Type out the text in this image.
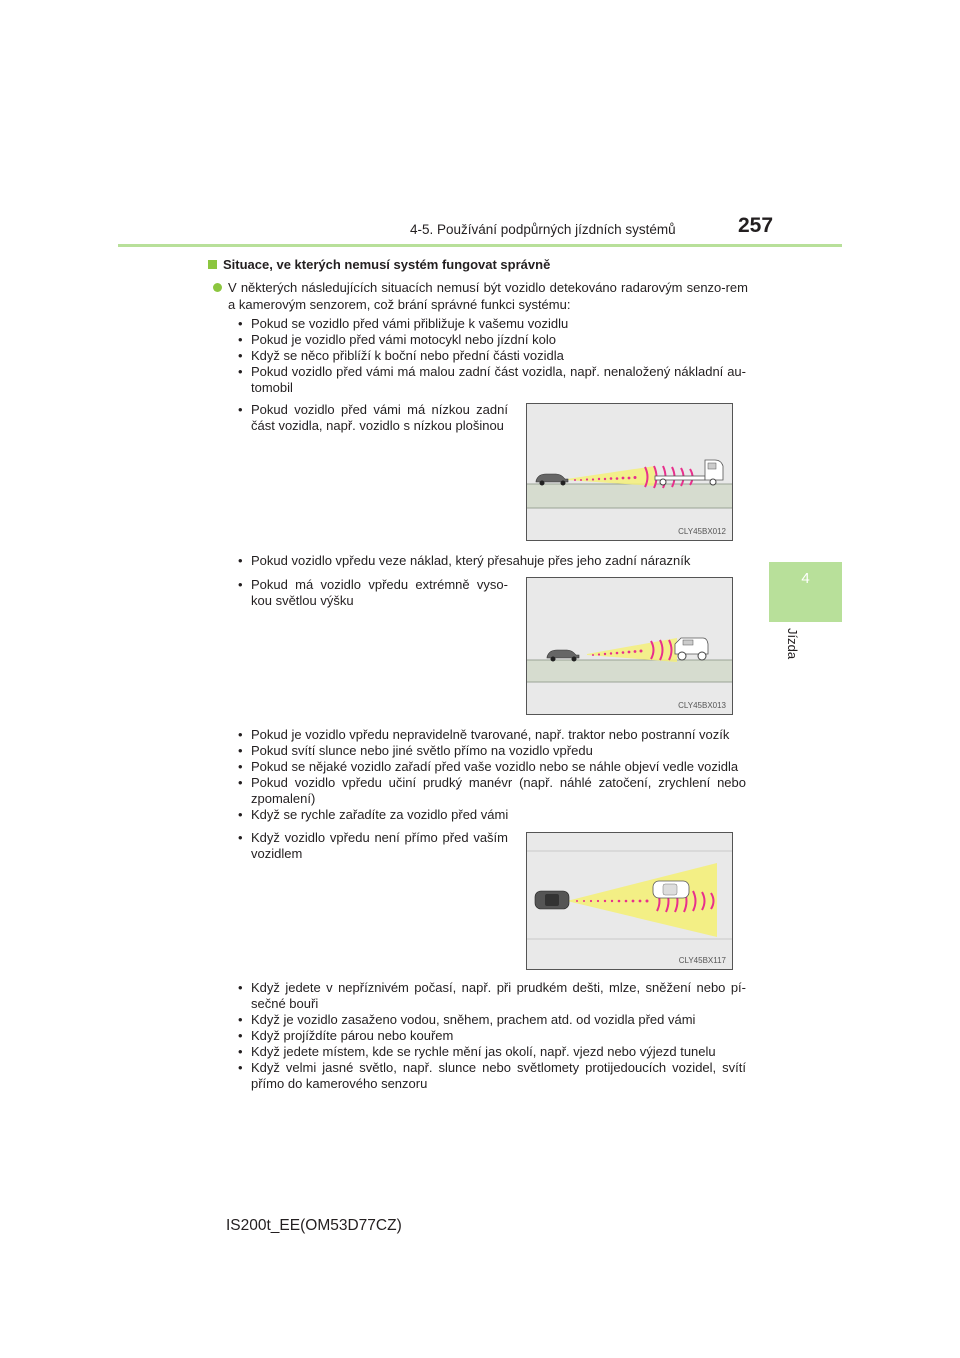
4-5. Používání podpůrných jízdních systémů	257
4
Jízda
Situace, ve kterých nemusí systém fungovat správně
V některých následujících situacích nemusí být vozidlo detekováno radarovým senzo-rem a kamerovým senzorem, což brání správné funkci systému:
• Pokud se vozidlo před vámi přibližuje k vašemu vozidlu
• Pokud je vozidlo před vámi motocykl nebo jízdní kolo
• Když se něco přiblíží k boční nebo přední části vozidla
• Pokud vozidlo před vámi má malou zadní část vozidla, např. nenaložený nákladní au-tomobil
• Pokud vozidlo před vámi má nízkou zadní část vozidla, např. vozidlo s nízkou plošinou
CLY45BX012
• Pokud vozidlo vpředu veze náklad, který přesahuje přes jeho zadní nárazník
• Pokud má vozidlo vpředu extrémně vyso-kou světlou výšku
CLY45BX013
• Pokud je vozidlo vpředu nepravidelně tvarované, např. traktor nebo postranní vozík
• Pokud svítí slunce nebo jiné světlo přímo na vozidlo vpředu
• Pokud se nějaké vozidlo zařadí před vaše vozidlo nebo se náhle objeví vedle vozidla
• Pokud vozidlo vpředu učiní prudký manévr (např. náhlé zatočení, zrychlení nebo zpomalení)
• Když se rychle zařadíte za vozidlo před vámi
• Když vozidlo vpředu není přímo před vaším vozidlem
CLY45BX117
• Když jedete v nepříznivém počasí, např. při prudkém dešti, mlze, sněžení nebo pí-sečné bouři
• Když je vozidlo zasaženo vodou, sněhem, prachem atd. od vozidla před vámi
• Když projíždíte párou nebo kouřem
• Když jedete místem, kde se rychle mění jas okolí, např. vjezd nebo výjezd tunelu
• Když velmi jasné světlo, např. slunce nebo světlomety protijedoucích vozidel, svítí přímo do kamerového senzoru
IS200t_EE(OM53D77CZ)
